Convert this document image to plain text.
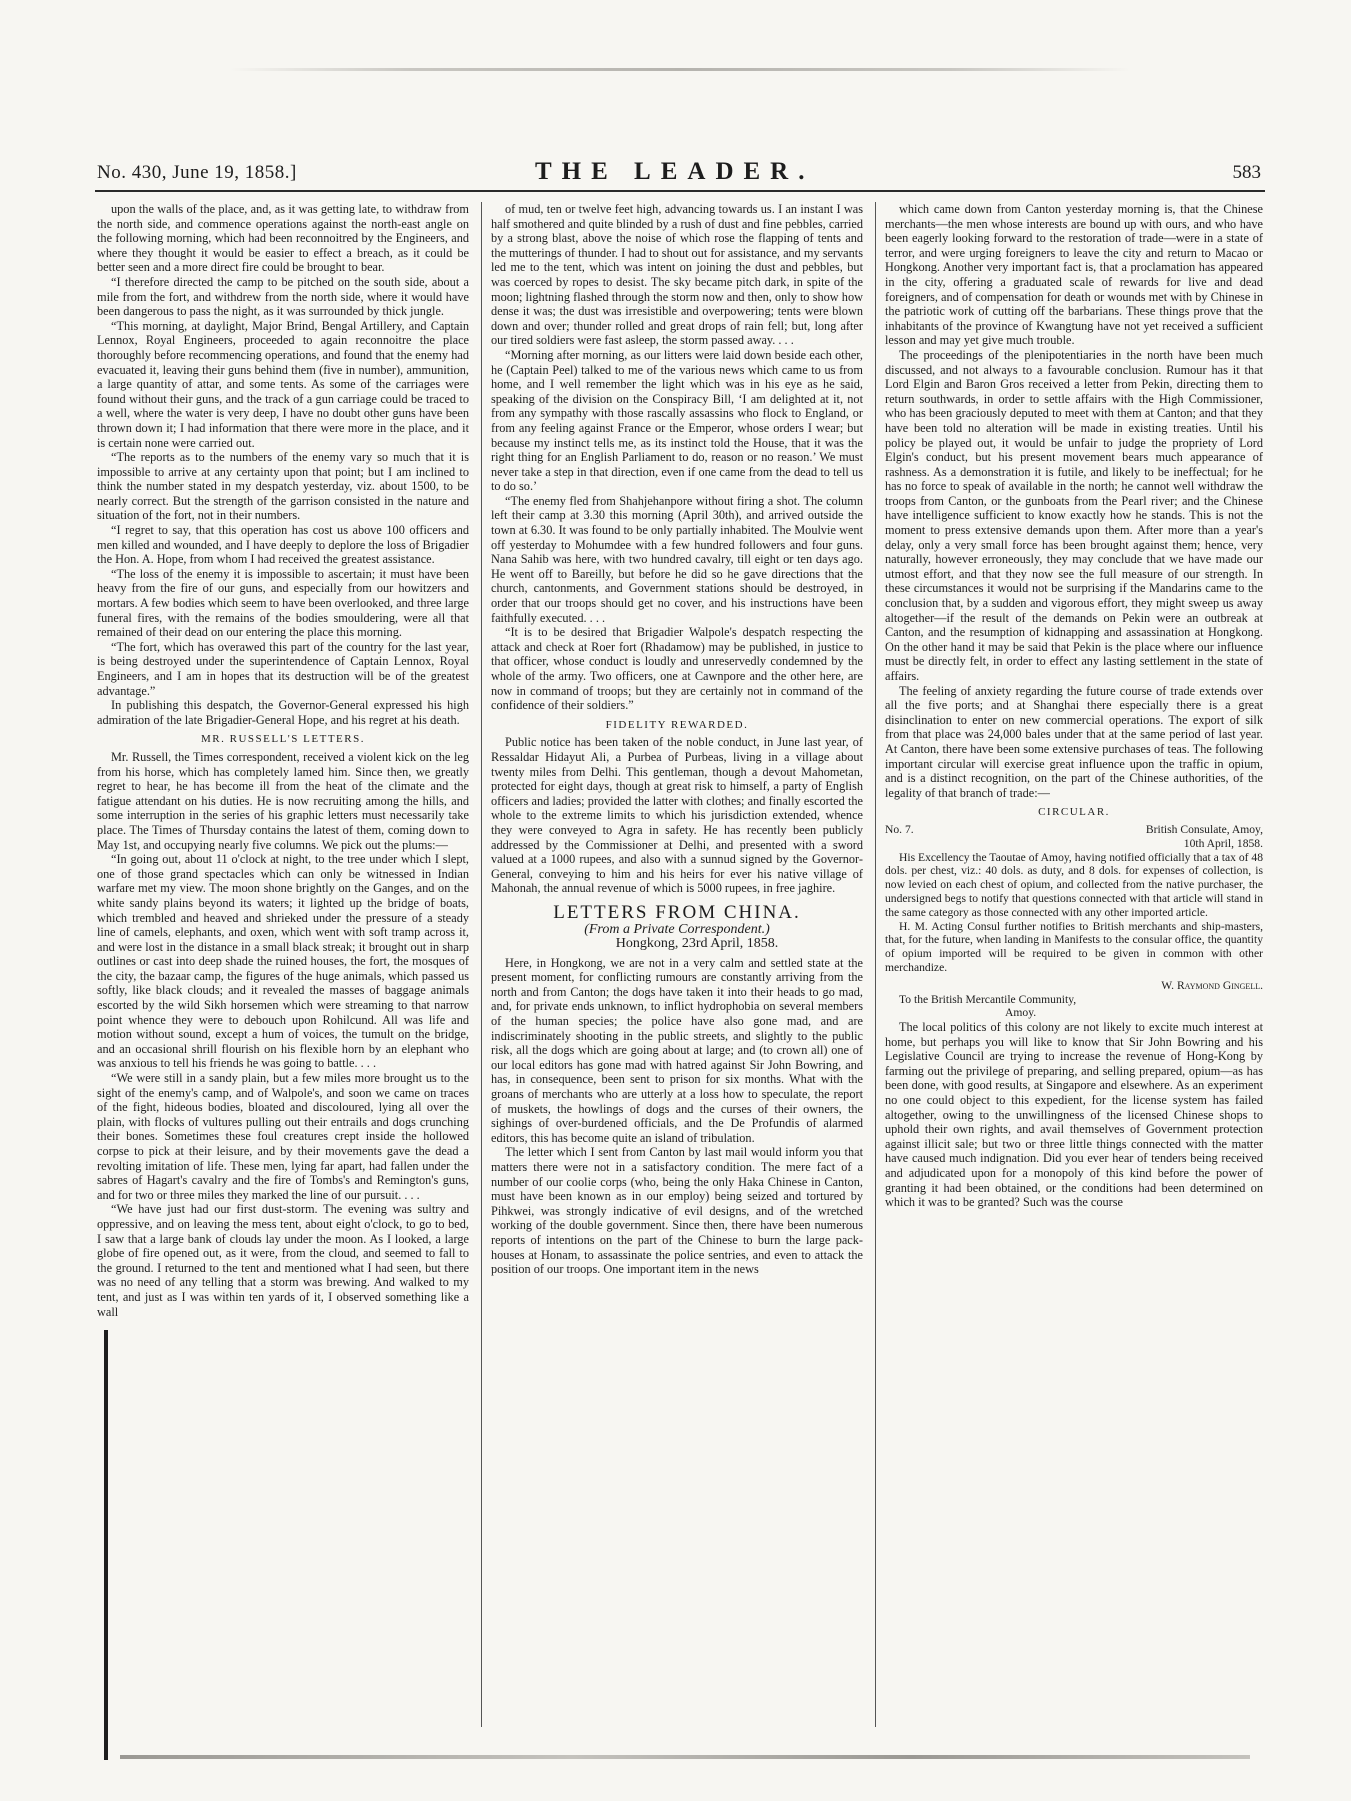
No. 430, June 19, 1858.]	THE LEADER.	583

upon the walls of the place, and, as it was getting late, to withdraw from the north side, and commence operations against the north-east angle on the following morning, which had been reconnoitred by the Engineers, and where they thought it would be easier to effect a breach, as it could be better seen and a more direct fire could be brought to bear.

“I therefore directed the camp to be pitched on the south side, about a mile from the fort, and withdrew from the north side, where it would have been dangerous to pass the night, as it was surrounded by thick jungle.

“This morning, at daylight, Major Brind, Bengal Artillery, and Captain Lennox, Royal Engineers, proceeded to again reconnoitre the place thoroughly before recommencing operations, and found that the enemy had evacuated it, leaving their guns behind them (five in number), ammunition, a large quantity of attar, and some tents. As some of the carriages were found without their guns, and the track of a gun carriage could be traced to a well, where the water is very deep, I have no doubt other guns have been thrown down it; I had information that there were more in the place, and it is certain none were carried out.

“The reports as to the numbers of the enemy vary so much that it is impossible to arrive at any certainty upon that point; but I am inclined to think the number stated in my despatch yesterday, viz. about 1500, to be nearly correct. But the strength of the garrison consisted in the nature and situation of the fort, not in their numbers.

“I regret to say, that this operation has cost us above 100 officers and men killed and wounded, and I have deeply to deplore the loss of Brigadier the Hon. A. Hope, from whom I had received the greatest assistance.

“The loss of the enemy it is impossible to ascertain; it must have been heavy from the fire of our guns, and especially from our howitzers and mortars. A few bodies which seem to have been overlooked, and three large funeral fires, with the remains of the bodies smouldering, were all that remained of their dead on our entering the place this morning.

“The fort, which has overawed this part of the country for the last year, is being destroyed under the superintendence of Captain Lennox, Royal Engineers, and I am in hopes that its destruction will be of the greatest advantage.”

In publishing this despatch, the Governor-General expressed his high admiration of the late Brigadier-General Hope, and his regret at his death.

MR. RUSSELL'S LETTERS.

Mr. Russell, the Times correspondent, received a violent kick on the leg from his horse, which has completely lamed him. Since then, we greatly regret to hear, he has become ill from the heat of the climate and the fatigue attendant on his duties. He is now recruiting among the hills, and some interruption in the series of his graphic letters must necessarily take place. The Times of Thursday contains the latest of them, coming down to May 1st, and occupying nearly five columns. We pick out the plums:—

“In going out, about 11 o'clock at night, to the tree under which I slept, one of those grand spectacles which can only be witnessed in Indian warfare met my view. The moon shone brightly on the Ganges, and on the white sandy plains beyond its waters; it lighted up the bridge of boats, which trembled and heaved and shrieked under the pressure of a steady line of camels, elephants, and oxen, which went with soft tramp across it, and were lost in the distance in a small black streak; it brought out in sharp outlines or cast into deep shade the ruined houses, the fort, the mosques of the city, the bazaar camp, the figures of the huge animals, which passed us softly, like black clouds; and it revealed the masses of baggage animals escorted by the wild Sikh horsemen which were streaming to that narrow point whence they were to debouch upon Rohilcund. All was life and motion without sound, except a hum of voices, the tumult on the bridge, and an occasional shrill flourish on his flexible horn by an elephant who was anxious to tell his friends he was going to battle. . . .

“We were still in a sandy plain, but a few miles more brought us to the sight of the enemy's camp, and of Walpole's, and soon we came on traces of the fight, hideous bodies, bloated and discoloured, lying all over the plain, with flocks of vultures pulling out their entrails and dogs crunching their bones. Sometimes these foul creatures crept inside the hollowed corpse to pick at their leisure, and by their movements gave the dead a revolting imitation of life. These men, lying far apart, had fallen under the sabres of Hagart's cavalry and the fire of Tombs's and Remington's guns, and for two or three miles they marked the line of our pursuit. . . .

“We have just had our first dust-storm. The evening was sultry and oppressive, and on leaving the mess tent, about eight o'clock, to go to bed, I saw that a large bank of clouds lay under the moon. As I looked, a large globe of fire opened out, as it were, from the cloud, and seemed to fall to the ground. I returned to the tent and mentioned what I had seen, but there was no need of any telling that a storm was brewing. And walked to my tent, and just as I was within ten yards of it, I observed something like a wall

of mud, ten or twelve feet high, advancing towards us. I an instant I was half smothered and quite blinded by a rush of dust and fine pebbles, carried by a strong blast, above the noise of which rose the flapping of tents and the mutterings of thunder. I had to shout out for assistance, and my servants led me to the tent, which was intent on joining the dust and pebbles, but was coerced by ropes to desist. The sky became pitch dark, in spite of the moon; lightning flashed through the storm now and then, only to show how dense it was; the dust was irresistible and overpowering; tents were blown down and over; thunder rolled and great drops of rain fell; but, long after our tired soldiers were fast asleep, the storm passed away. . . .

“Morning after morning, as our litters were laid down beside each other, he (Captain Peel) talked to me of the various news which came to us from home, and I well remember the light which was in his eye as he said, speaking of the division on the Conspiracy Bill, ‘I am delighted at it, not from any sympathy with those rascally assassins who flock to England, or from any feeling against France or the Emperor, whose orders I wear; but because my instinct tells me, as its instinct told the House, that it was the right thing for an English Parliament to do, reason or no reason.’ We must never take a step in that direction, even if one came from the dead to tell us to do so.’

“The enemy fled from Shahjehanpore without firing a shot. The column left their camp at 3.30 this morning (April 30th), and arrived outside the town at 6.30. It was found to be only partially inhabited. The Moulvie went off yesterday to Mohumdee with a few hundred followers and four guns. Nana Sahib was here, with two hundred cavalry, till eight or ten days ago. He went off to Bareilly, but before he did so he gave directions that the church, cantonments, and Government stations should be destroyed, in order that our troops should get no cover, and his instructions have been faithfully executed. . . .

“It is to be desired that Brigadier Walpole's despatch respecting the attack and check at Roer fort (Rhadamow) may be published, in justice to that officer, whose conduct is loudly and unreservedly condemned by the whole of the army. Two officers, one at Cawnpore and the other here, are now in command of troops; but they are certainly not in command of the confidence of their soldiers.”

FIDELITY REWARDED.

Public notice has been taken of the noble conduct, in June last year, of Ressaldar Hidayut Ali, a Purbea of Purbeas, living in a village about twenty miles from Delhi. This gentleman, though a devout Mahometan, protected for eight days, though at great risk to himself, a party of English officers and ladies; provided the latter with clothes; and finally escorted the whole to the extreme limits to which his jurisdiction extended, whence they were conveyed to Agra in safety. He has recently been publicly addressed by the Commissioner at Delhi, and presented with a sword valued at a 1000 rupees, and also with a sunnud signed by the Governor-General, conveying to him and his heirs for ever his native village of Mahonah, the annual revenue of which is 5000 rupees, in free jaghire.

LETTERS FROM CHINA.

(From a Private Correspondent.)

Hongkong, 23rd April, 1858.

Here, in Hongkong, we are not in a very calm and settled state at the present moment, for conflicting rumours are constantly arriving from the north and from Canton; the dogs have taken it into their heads to go mad, and, for private ends unknown, to inflict hydrophobia on several members of the human species; the police have also gone mad, and are indiscriminately shooting in the public streets, and slightly to the public risk, all the dogs which are going about at large; and (to crown all) one of our local editors has gone mad with hatred against Sir John Bowring, and has, in consequence, been sent to prison for six months. What with the groans of merchants who are utterly at a loss how to speculate, the report of muskets, the howlings of dogs and the curses of their owners, the sighings of over-burdened officials, and the De Profundis of alarmed editors, this has become quite an island of tribulation.

The letter which I sent from Canton by last mail would inform you that matters there were not in a satisfactory condition. The mere fact of a number of our coolie corps (who, being the only Haka Chinese in Canton, must have been known as in our employ) being seized and tortured by Pihkwei, was strongly indicative of evil designs, and of the wretched working of the double government. Since then, there have been numerous reports of intentions on the part of the Chinese to burn the large pack-houses at Honam, to assassinate the police sentries, and even to attack the position of our troops. One important item in the news

which came down from Canton yesterday morning is, that the Chinese merchants—the men whose interests are bound up with ours, and who have been eagerly looking forward to the restoration of trade—were in a state of terror, and were urging foreigners to leave the city and return to Macao or Hongkong. Another very important fact is, that a proclamation has appeared in the city, offering a graduated scale of rewards for live and dead foreigners, and of compensation for death or wounds met with by Chinese in the patriotic work of cutting off the barbarians. These things prove that the inhabitants of the province of Kwangtung have not yet received a sufficient lesson and may yet give much trouble.

The proceedings of the plenipotentiaries in the north have been much discussed, and not always to a favourable conclusion. Rumour has it that Lord Elgin and Baron Gros received a letter from Pekin, directing them to return southwards, in order to settle affairs with the High Commissioner, who has been graciously deputed to meet with them at Canton; and that they have been told no alteration will be made in existing treaties. Until his policy be played out, it would be unfair to judge the propriety of Lord Elgin's conduct, but his present movement bears much appearance of rashness. As a demonstration it is futile, and likely to be ineffectual; for he has no force to speak of available in the north; he cannot well withdraw the troops from Canton, or the gunboats from the Pearl river; and the Chinese have intelligence sufficient to know exactly how he stands. This is not the moment to press extensive demands upon them. After more than a year's delay, only a very small force has been brought against them; hence, very naturally, however erroneously, they may conclude that we have made our utmost effort, and that they now see the full measure of our strength. In these circumstances it would not be surprising if the Mandarins came to the conclusion that, by a sudden and vigorous effort, they might sweep us away altogether—if the result of the demands on Pekin were an outbreak at Canton, and the resumption of kidnapping and assassination at Hongkong. On the other hand it may be said that Pekin is the place where our influence must be directly felt, in order to effect any lasting settlement in the state of affairs.

The feeling of anxiety regarding the future course of trade extends over all the five ports; and at Shanghai there especially there is a great disinclination to enter on new commercial operations. The export of silk from that place was 24,000 bales under that at the same period of last year. At Canton, there have been some extensive purchases of teas. The following important circular will exercise great influence upon the traffic in opium, and is a distinct recognition, on the part of the Chinese authorities, of the legality of that branch of trade:—

CIRCULAR.

No. 7.	British Consulate, Amoy,

10th April, 1858.

His Excellency the Taoutae of Amoy, having notified officially that a tax of 48 dols. per chest, viz.: 40 dols. as duty, and 8 dols. for expenses of collection, is now levied on each chest of opium, and collected from the native purchaser, the undersigned begs to notify that questions connected with that article will stand in the same category as those connected with any other imported article.

H. M. Acting Consul further notifies to British merchants and ship-masters, that, for the future, when landing in Manifests to the consular office, the quantity of opium imported will be required to be given in common with other merchandize.

W. Raymond Gingell.

To the British Mercantile Community,

Amoy.

The local politics of this colony are not likely to excite much interest at home, but perhaps you will like to know that Sir John Bowring and his Legislative Council are trying to increase the revenue of Hong-Kong by farming out the privilege of preparing, and selling prepared, opium—as has been done, with good results, at Singapore and elsewhere. As an experiment no one could object to this expedient, for the license system has failed altogether, owing to the unwillingness of the licensed Chinese shops to uphold their own rights, and avail themselves of Government protection against illicit sale; but two or three little things connected with the matter have caused much indignation. Did you ever hear of tenders being received and adjudicated upon for a monopoly of this kind before the power of granting it had been obtained, or the conditions had been determined on which it was to be granted? Such was the course
